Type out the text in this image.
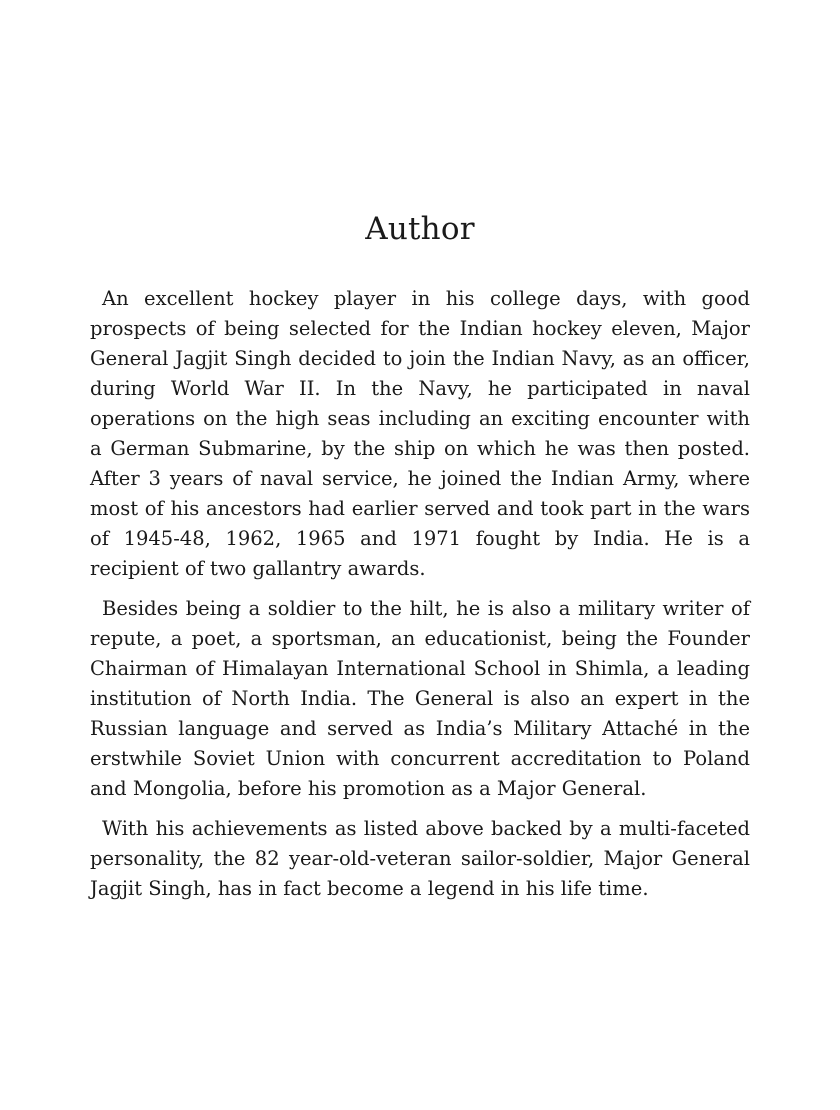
Author

An excellent hockey player in his college days, with good prospects of being selected for the Indian hockey eleven, Major General Jagjit Singh decided to join the Indian Navy, as an officer, during World War II. In the Navy, he participated in naval operations on the high seas including an exciting encounter with a German Submarine, by the ship on which he was then posted. After 3 years of naval service, he joined the Indian Army, where most of his ancestors had earlier served and took part in the wars of 1945-48, 1962, 1965 and 1971 fought by India. He is a recipient of two gallantry awards.

Besides being a soldier to the hilt, he is also a military writer of repute, a poet, a sportsman, an educationist, being the Founder Chairman of Himalayan International School in Shimla, a leading institution of North India. The General is also an expert in the Russian language and served as India’s Military Attaché in the erstwhile Soviet Union with concurrent accreditation to Poland and Mongolia, before his promotion as a Major General.

With his achievements as listed above backed by a multi-faceted personality, the 82 year-old-veteran sailor-soldier, Major General Jagjit Singh, has in fact become a legend in his life time.
